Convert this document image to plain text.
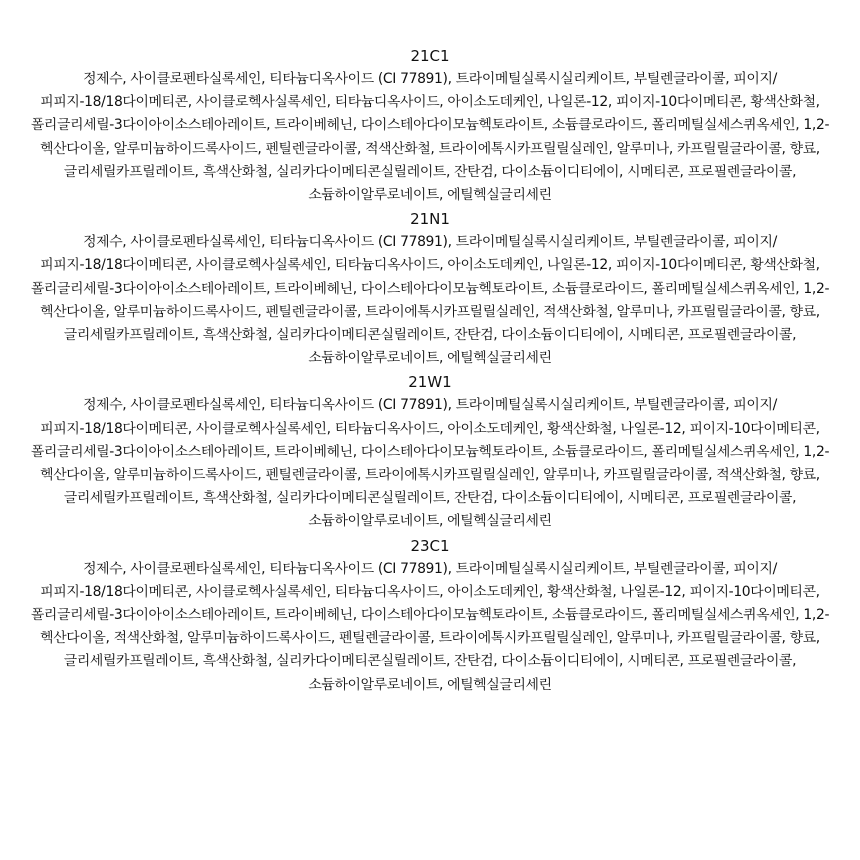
21C1

정제수, 사이클로펜타실록세인, 티타늄디옥사이드 (CI 77891), 트라이메틸실록시실리케이트, 부틸렌글라이콜, 피이지/피피지-18/18다이메티콘, 사이클로헥사실록세인, 티타늄디옥사이드, 아이소도데케인, 나일론-12, 피이지-10다이메티콘, 황색산화철, 폴리글리세릴-3다이아이소스테아레이트, 트라이베헤닌, 다이스테아다이모늄헥토라이트, 소듐클로라이드, 폴리메틸실세스퀴옥세인, 1,2-헥산다이올, 알루미늄하이드록사이드, 펜틸렌글라이콜, 적색산화철, 트라이에톡시카프릴릴실레인, 알루미나, 카프릴릴글라이콜, 향료, 글리세릴카프릴레이트, 흑색산화철, 실리카다이메티콘실릴레이트, 잔탄검, 다이소듐이디티에이, 시메티콘, 프로필렌글라이콜, 소듐하이알루로네이트, 에틸헥실글리세린

21N1

정제수, 사이클로펜타실록세인, 티타늄디옥사이드 (CI 77891), 트라이메틸실록시실리케이트, 부틸렌글라이콜, 피이지/피피지-18/18다이메티콘, 사이클로헥사실록세인, 티타늄디옥사이드, 아이소도데케인, 나일론-12, 피이지-10다이메티콘, 황색산화철, 폴리글리세릴-3다이아이소스테아레이트, 트라이베헤닌, 다이스테아다이모늄헥토라이트, 소듐클로라이드, 폴리메틸실세스퀴옥세인, 1,2-헥산다이올, 알루미늄하이드록사이드, 펜틸렌글라이콜, 트라이에톡시카프릴릴실레인, 적색산화철, 알루미나, 카프릴릴글라이콜, 향료, 글리세릴카프릴레이트, 흑색산화철, 실리카다이메티콘실릴레이트, 잔탄검, 다이소듐이디티에이, 시메티콘, 프로필렌글라이콜, 소듐하이알루로네이트, 에틸헥실글리세린

21W1

정제수, 사이클로펜타실록세인, 티타늄디옥사이드 (CI 77891), 트라이메틸실록시실리케이트, 부틸렌글라이콜, 피이지/피피지-18/18다이메티콘, 사이클로헥사실록세인, 티타늄디옥사이드, 아이소도데케인, 황색산화철, 나일론-12, 피이지-10다이메티콘, 폴리글리세릴-3다이아이소스테아레이트, 트라이베헤닌, 다이스테아다이모늄헥토라이트, 소듐클로라이드, 폴리메틸실세스퀴옥세인, 1,2-헥산다이올, 알루미늄하이드록사이드, 펜틸렌글라이콜, 트라이에톡시카프릴릴실레인, 알루미나, 카프릴릴글라이콜, 적색산화철, 향료, 글리세릴카프릴레이트, 흑색산화철, 실리카다이메티콘실릴레이트, 잔탄검, 다이소듐이디티에이, 시메티콘, 프로필렌글라이콜, 소듐하이알루로네이트, 에틸헥실글리세린

23C1

정제수, 사이클로펜타실록세인, 티타늄디옥사이드 (CI 77891), 트라이메틸실록시실리케이트, 부틸렌글라이콜, 피이지/피피지-18/18다이메티콘, 사이클로헥사실록세인, 티타늄디옥사이드, 아이소도데케인, 황색산화철, 나일론-12, 피이지-10다이메티콘, 폴리글리세릴-3다이아이소스테아레이트, 트라이베헤닌, 다이스테아다이모늄헥토라이트, 소듐클로라이드, 폴리메틸실세스퀴옥세인, 1,2-헥산다이올, 적색산화철, 알루미늄하이드록사이드, 펜틸렌글라이콜, 트라이에톡시카프릴릴실레인, 알루미나, 카프릴릴글라이콜, 향료, 글리세릴카프릴레이트, 흑색산화철, 실리카다이메티콘실릴레이트, 잔탄검, 다이소듐이디티에이, 시메티콘, 프로필렌글라이콜, 소듐하이알루로네이트, 에틸헥실글리세린
